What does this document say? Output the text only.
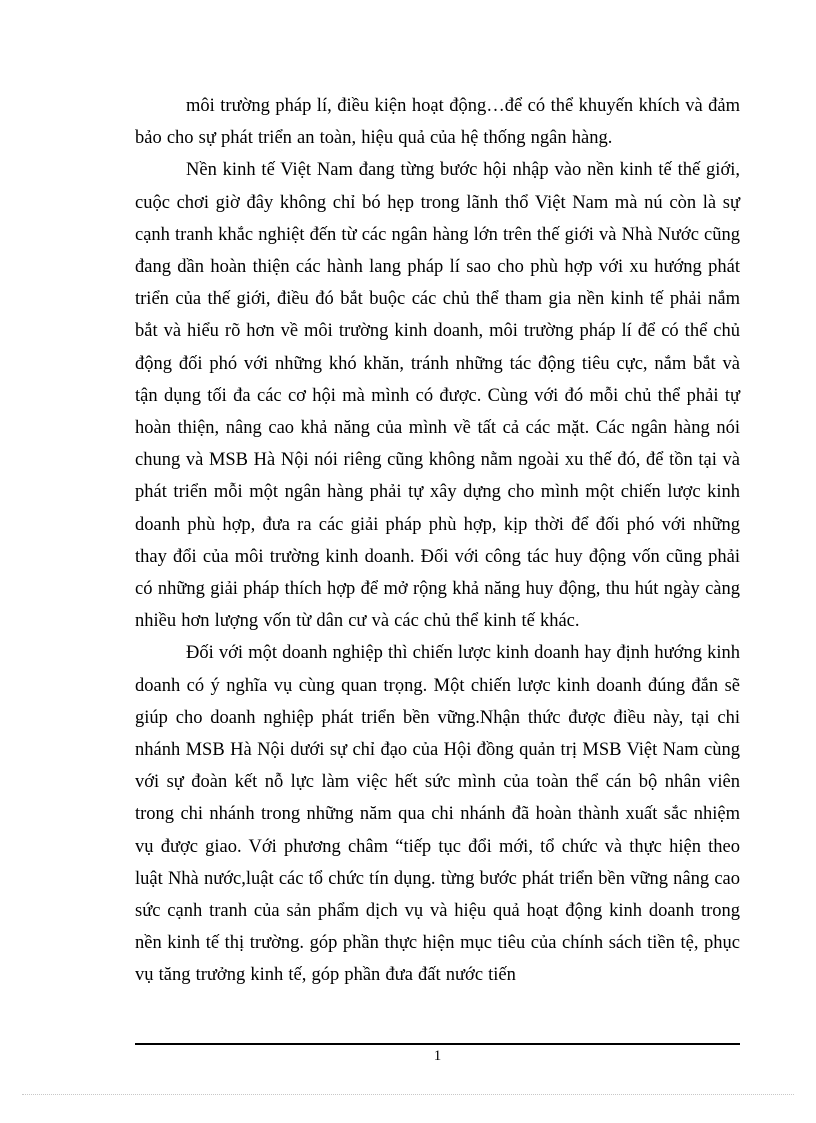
môi trường pháp lí, điều kiện hoạt động…để có thể khuyến khích và đảm bảo cho sự phát triển an toàn, hiệu quả của hệ thống ngân hàng.

Nền kinh tế Việt Nam đang từng bước hội nhập vào nền kinh tế thế giới, cuộc chơi giờ đây không chỉ bó hẹp trong lãnh thổ Việt Nam mà nú còn là sự cạnh tranh khắc nghiệt đến từ các ngân hàng lớn trên thế giới và Nhà Nước cũng đang dần hoàn thiện các hành lang pháp lí sao cho phù hợp với xu hướng phát triển của thế giới, điều đó bắt buộc các chủ thể tham gia nền kinh tế phải nắm bắt và hiểu rõ hơn về môi trường kinh doanh, môi trường pháp lí để có thể chủ động đối phó với những khó khăn, tránh những tác động tiêu cực, nắm bắt và tận dụng tối đa các cơ hội mà mình có được. Cùng với đó mỗi chủ thể phải tự hoàn thiện, nâng cao khả năng của mình về tất cả các mặt. Các ngân hàng nói chung và MSB Hà Nội nói riêng cũng không nằm ngoài xu thế đó, để tồn tại và phát triển mỗi một ngân hàng phải tự xây dựng cho mình một chiến lược kinh doanh phù hợp, đưa ra các giải pháp phù hợp, kịp thời để đối phó với những thay đổi của môi trường kinh doanh. Đối với công tác huy động vốn cũng phải có những giải pháp thích hợp để mở rộng khả năng huy động, thu hút ngày càng nhiều hơn lượng vốn từ dân cư và các chủ thể kinh tế khác.

Đối với một doanh nghiệp thì chiến lược kinh doanh hay định hướng kinh doanh có ý nghĩa vụ cùng quan trọng. Một chiến lược kinh doanh đúng đắn sẽ giúp cho doanh nghiệp phát triển bền vững.Nhận thức được điều này, tại chi nhánh MSB Hà Nội dưới sự chỉ đạo của Hội đồng quản trị MSB Việt Nam cùng với sự đoàn kết nỗ lực làm việc hết sức mình của toàn thể cán bộ nhân viên trong chi nhánh trong những năm qua chi nhánh đã hoàn thành xuất sắc nhiệm vụ được giao. Với phương châm “tiếp tục đổi mới, tổ chức và thực hiện theo luật Nhà nước,luật các tổ chức tín dụng. từng bước phát triển bền vững nâng cao sức cạnh tranh của sản phẩm dịch vụ và hiệu quả hoạt động kinh doanh trong nền kinh tế thị trường. góp phần thực hiện mục tiêu của chính sách tiền tệ, phục vụ tăng trưởng kinh tế, góp phần đưa đất nước tiến

1
